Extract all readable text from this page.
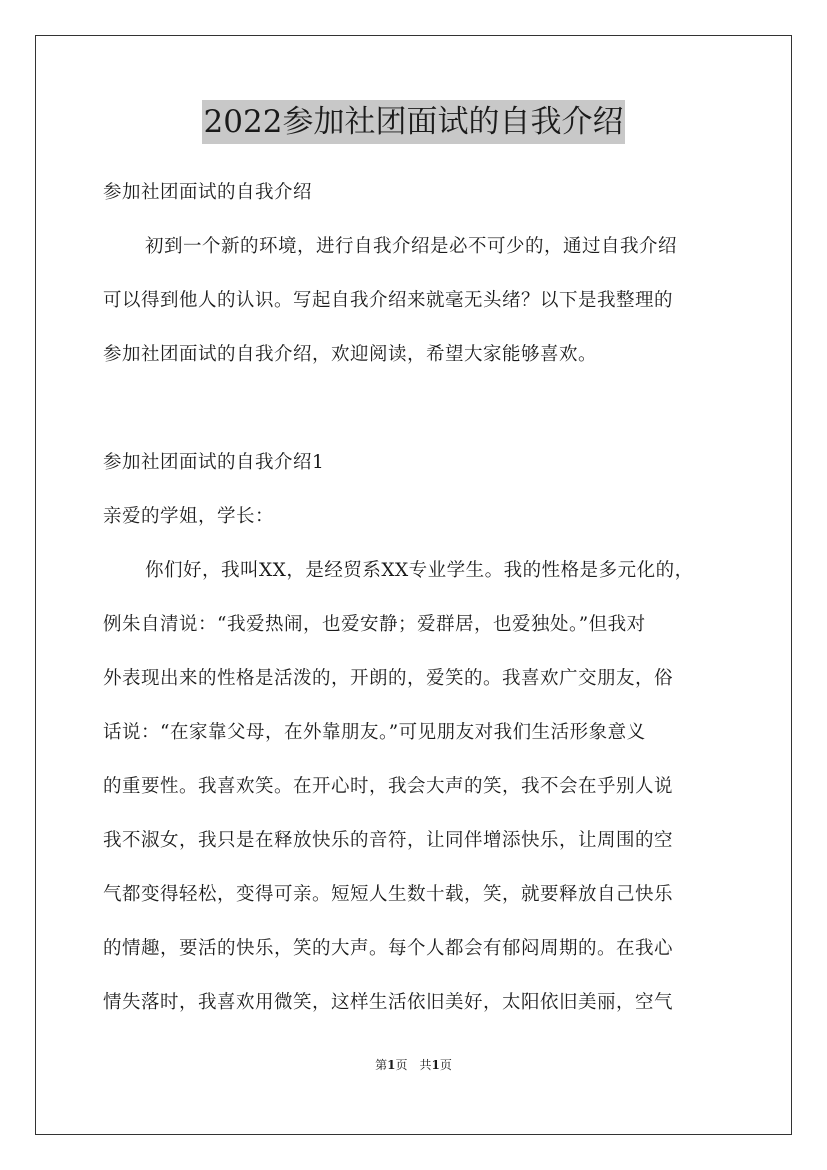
2022参加社团面试的自我介绍
参加社团面试的自我介绍
初到一个新的环境，进行自我介绍是必不可少的，通过自我介绍
可以得到他人的认识。写起自我介绍来就毫无头绪？以下是我整理的
参加社团面试的自我介绍，欢迎阅读，希望大家能够喜欢。
参加社团面试的自我介绍1
亲爱的学姐，学长：
你们好，我叫XX，是经贸系XX专业学生。我的性格是多元化的，
例朱自清说：“我爱热闹，也爱安静；爱群居，也爱独处。”但我对
外表现出来的性格是活泼的，开朗的，爱笑的。我喜欢广交朋友，俗
话说：“在家靠父母，在外靠朋友。”可见朋友对我们生活形象意义
的重要性。我喜欢笑。在开心时，我会大声的笑，我不会在乎别人说
我不淑女，我只是在释放快乐的音符，让同伴增添快乐，让周围的空
气都变得轻松，变得可亲。短短人生数十载，笑，就要释放自己快乐
的情趣，要活的快乐，笑的大声。每个人都会有郁闷周期的。在我心
情失落时，我喜欢用微笑，这样生活依旧美好，太阳依旧美丽，空气
第1页　共1页
